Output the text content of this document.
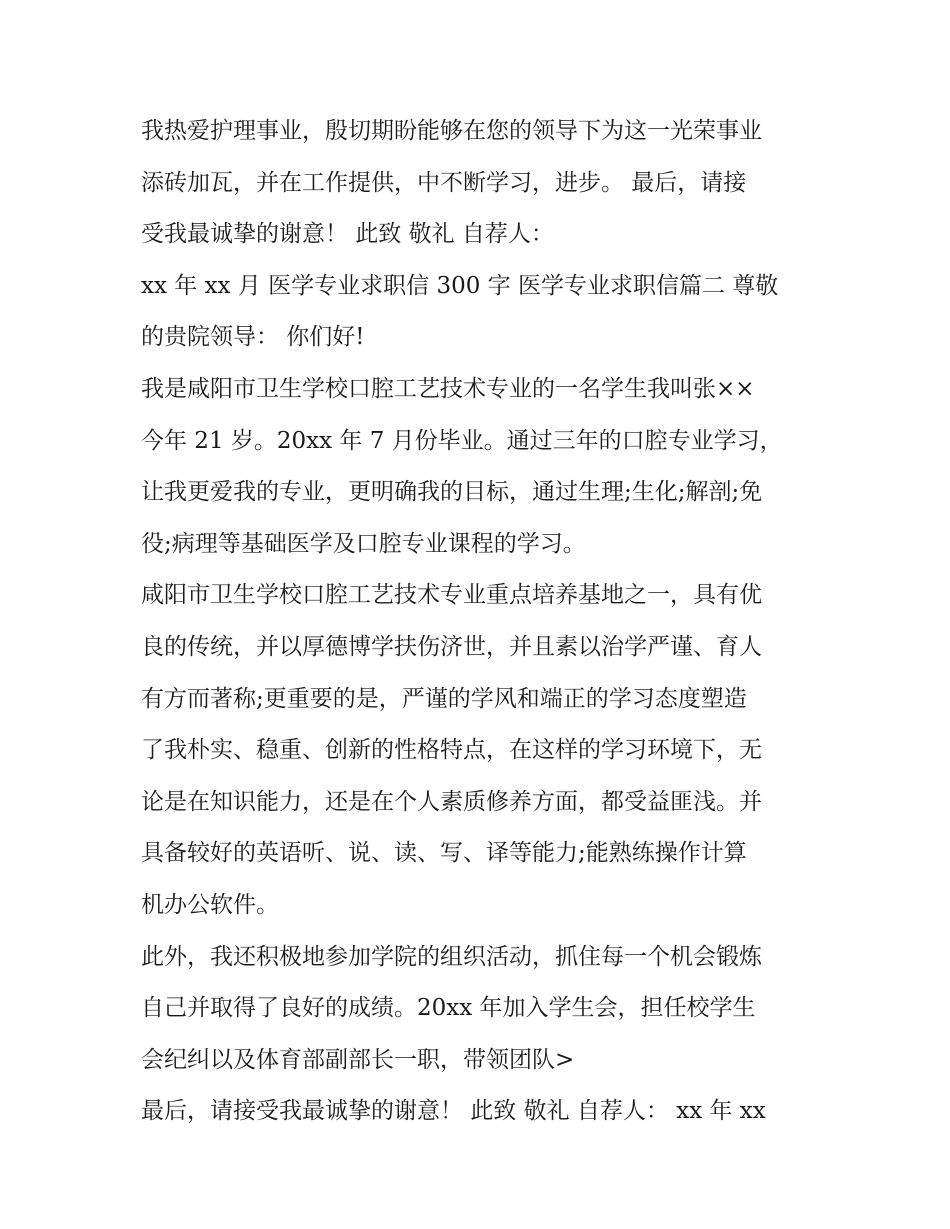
我热爱护理事业，殷切期盼能够在您的领导下为这一光荣事业
添砖加瓦，并在工作提供，中不断学习，进步。 最后，请接
受我最诚挚的谢意！ 此致 敬礼 自荐人：
xx 年 xx 月 医学专业求职信 300 字 医学专业求职信篇二 尊敬
的贵院领导： 你们好!
我是咸阳市卫生学校口腔工艺技术专业的一名学生我叫张××
今年 21 岁。20xx 年 7 月份毕业。通过三年的口腔专业学习，
让我更爱我的专业，更明确我的目标，通过生理;生化;解剖;免
役;病理等基础医学及口腔专业课程的学习。
咸阳市卫生学校口腔工艺技术专业重点培养基地之一，具有优
良的传统，并以厚德博学扶伤济世，并且素以治学严谨、育人
有方而著称;更重要的是，严谨的学风和端正的学习态度塑造
了我朴实、稳重、创新的性格特点，在这样的学习环境下，无
论是在知识能力，还是在个人素质修养方面，都受益匪浅。并
具备较好的英语听、说、读、写、译等能力;能熟练操作计算
机办公软件。
此外，我还积极地参加学院的组织活动，抓住每一个机会锻炼
自己并取得了良好的成绩。20xx 年加入学生会，担任校学生
会纪纠以及体育部副部长一职，带领团队>
最后，请接受我最诚挚的谢意！ 此致 敬礼 自荐人： xx 年 xx
